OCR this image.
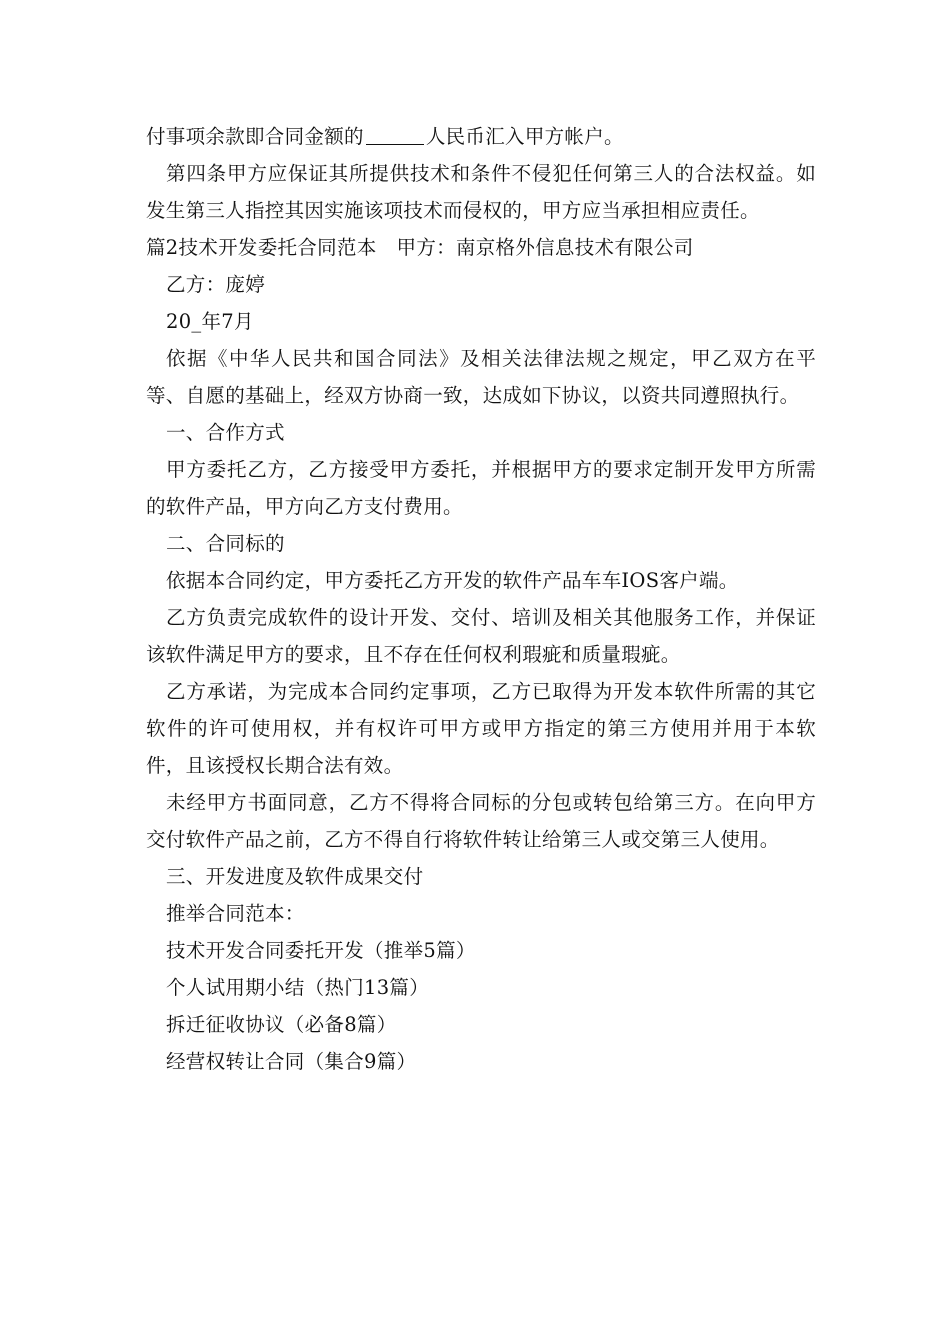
付事项余款即合同金额的	人民币汇入甲方帐户。

第四条甲方应保证其所提供技术和条件不侵犯任何第三人的合法权益。如发生第三人指控其因实施该项技术而侵权的，甲方应当承担相应责任。

篇2技术开发委托合同范本 甲方：南京格外信息技术有限公司

乙方：庞婷

20_年7月

依据《中华人民共和国合同法》及相关法律法规之规定，甲乙双方在平等、自愿的基础上，经双方协商一致，达成如下协议，以资共同遵照执行。

一、合作方式

甲方委托乙方，乙方接受甲方委托，并根据甲方的要求定制开发甲方所需的软件产品，甲方向乙方支付费用。

二、合同标的

依据本合同约定，甲方委托乙方开发的软件产品车车IOS客户端。

乙方负责完成软件的设计开发、交付、培训及相关其他服务工作，并保证该软件满足甲方的要求，且不存在任何权利瑕疵和质量瑕疵。

乙方承诺，为完成本合同约定事项，乙方已取得为开发本软件所需的其它软件的许可使用权，并有权许可甲方或甲方指定的第三方使用并用于本软件，且该授权长期合法有效。

未经甲方书面同意，乙方不得将合同标的分包或转包给第三方。在向甲方交付软件产品之前，乙方不得自行将软件转让给第三人或交第三人使用。

三、开发进度及软件成果交付

推举合同范本：

技术开发合同委托开发（推举5篇）

个人试用期小结（热门13篇）

拆迁征收协议（必备8篇）

经营权转让合同（集合9篇）
